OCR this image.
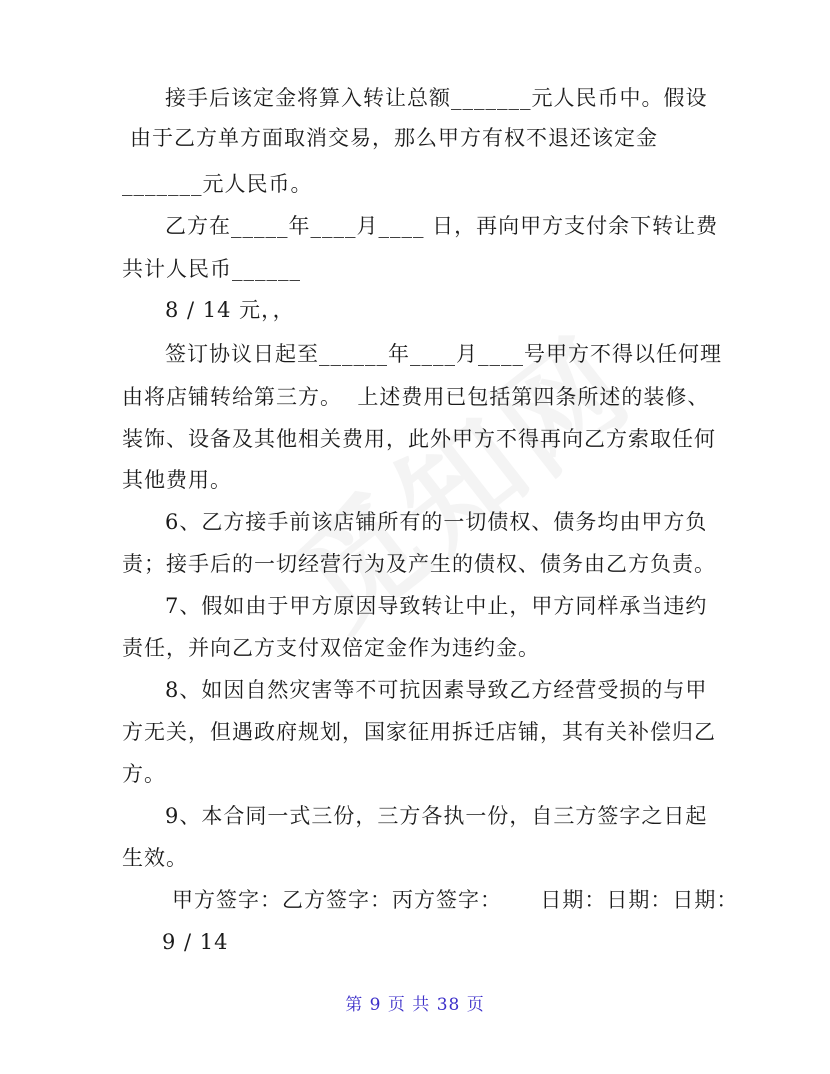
接手后该定金将算入转让总额_______元人民币中。假设
由于乙方单方面取消交易，那么甲方有权不退还该定金
_______元人民币。
乙方在_____年____月____ 日，再向甲方支付余下转让费
共计人民币______
8 / 14 元，，
签订协议日起至______年____月____号甲方不得以任何理
由将店铺转给第三方。  上述费用已包括第四条所述的装修、
装饰、设备及其他相关费用，此外甲方不得再向乙方索取任何
其他费用。
6、乙方接手前该店铺所有的一切债权、债务均由甲方负
责；接手后的一切经营行为及产生的债权、债务由乙方负责。
7、假如由于甲方原因导致转让中止，甲方同样承当违约
责任，并向乙方支付双倍定金作为违约金。
8、如因自然灾害等不可抗因素导致乙方经营受损的与甲
方无关，但遇政府规划，国家征用拆迁店铺，其有关补偿归乙
方。
9、本合同一式三份，三方各执一份，自三方签字之日起
生效。
甲方签字：乙方签字：丙方签字：     日期：日期：日期：
9 / 14
第 9 页 共 38 页
